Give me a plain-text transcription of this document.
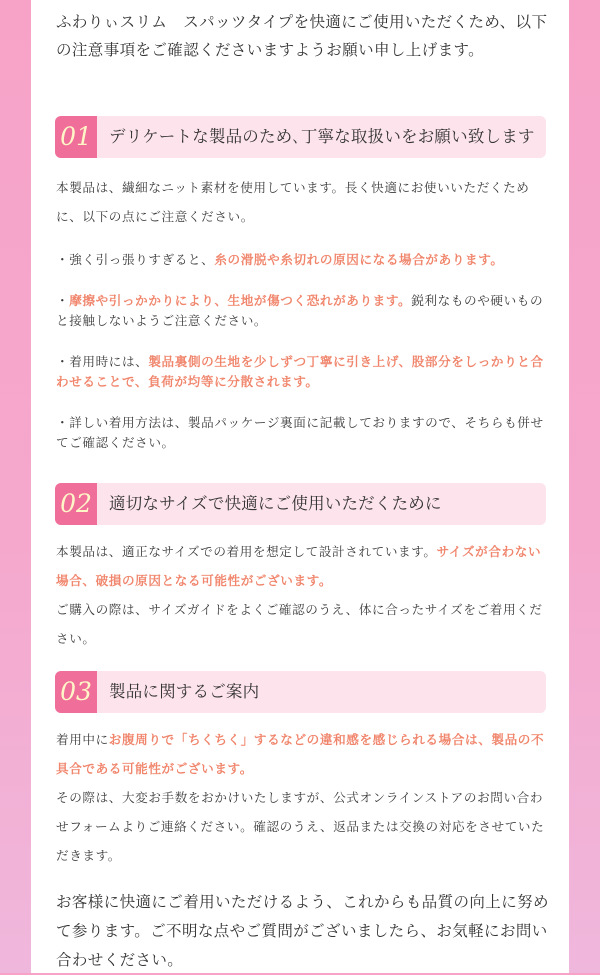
ふわりぃスリム　スパッツタイプを快適にご使用いただくため、以下の注意事項をご確認くださいますようお願い申し上げます。
01	デリケートな製品のため､丁寧な取扱いをお願い致します
本製品は、繊細なニット素材を使用しています。長く快適にお使いいただくために、以下の点にご注意ください。
・強く引っ張りすぎると、糸の滑脱や糸切れの原因になる場合があります。
・摩擦や引っかかりにより、生地が傷つく恐れがあります。鋭利なものや硬いものと接触しないようご注意ください。
・着用時には、製品裏側の生地を少しずつ丁寧に引き上げ、股部分をしっかりと合わせることで、負荷が均等に分散されます。
・詳しい着用方法は、製品パッケージ裏面に記載しておりますので、そちらも併せてご確認ください。
02	適切なサイズで快適にご使用いただくために
本製品は、適正なサイズでの着用を想定して設計されています。サイズが合わない場合、破損の原因となる可能性がございます。
ご購入の際は、サイズガイドをよくご確認のうえ、体に合ったサイズをご着用ください。
03	製品に関するご案内
着用中にお腹周りで「ちくちく」するなどの違和感を感じられる場合は、製品の不具合である可能性がございます。
その際は、大変お手数をおかけいたしますが、公式オンラインストアのお問い合わせフォームよりご連絡ください。確認のうえ、返品または交換の対応をさせていただきます。
お客様に快適にご着用いただけるよう、これからも品質の向上に努めて参ります。ご不明な点やご質問がございましたら、お気軽にお問い合わせください。
